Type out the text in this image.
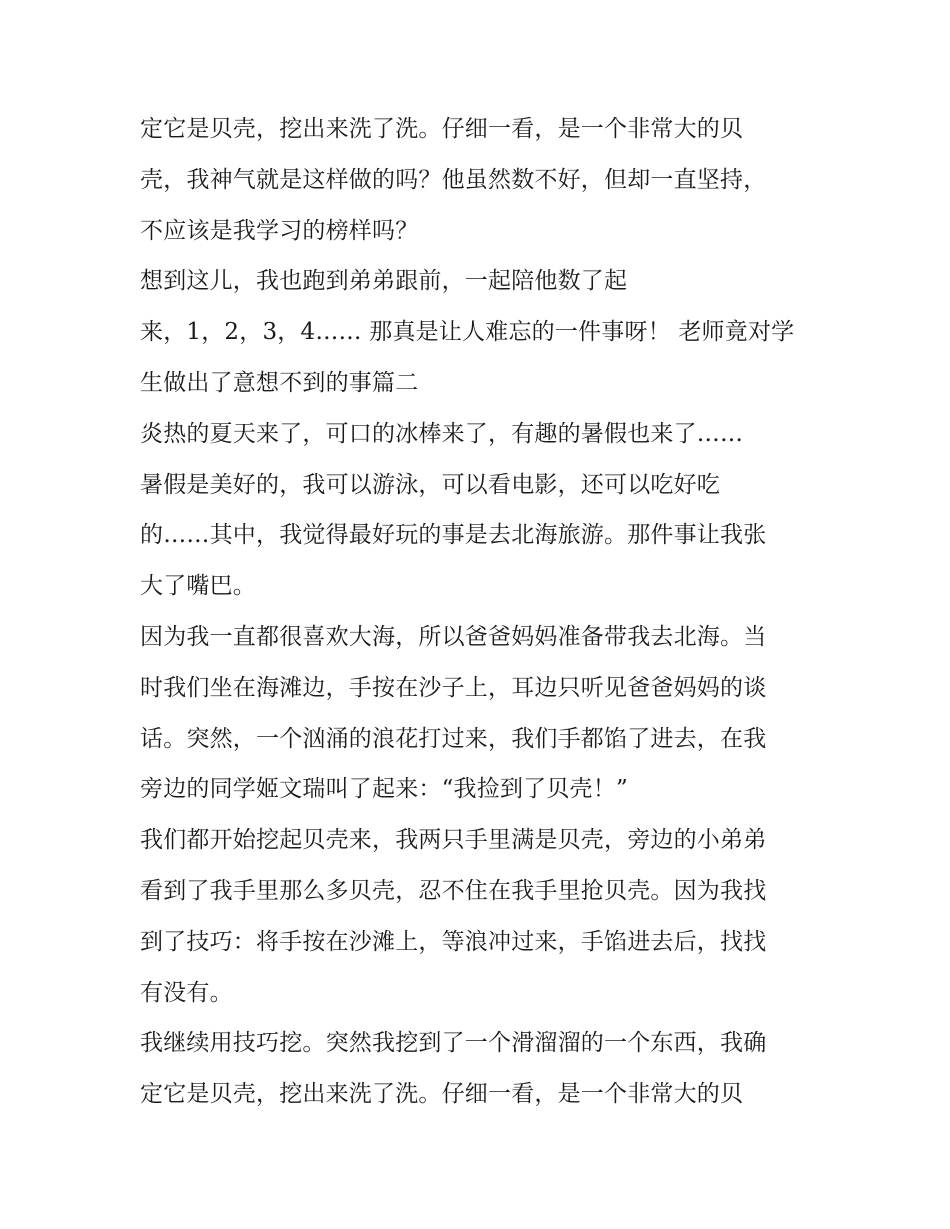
定它是贝壳，挖出来洗了洗。仔细一看，是一个非常大的贝
壳，我神气就是这样做的吗？他虽然数不好，但却一直坚持，
不应该是我学习的榜样吗？
想到这儿，我也跑到弟弟跟前，一起陪他数了起
来，1，2，3，4…… 那真是让人难忘的一件事呀！ 老师竟对学
生做出了意想不到的事篇二
炎热的夏天来了，可口的冰棒来了，有趣的暑假也来了……
暑假是美好的，我可以游泳，可以看电影，还可以吃好吃
的……其中，我觉得最好玩的事是去北海旅游。那件事让我张
大了嘴巴。
因为我一直都很喜欢大海，所以爸爸妈妈准备带我去北海。当
时我们坐在海滩边，手按在沙子上，耳边只听见爸爸妈妈的谈
话。突然，一个汹涌的浪花打过来，我们手都馅了进去，在我
旁边的同学姬文瑞叫了起来：“我捡到了贝壳！”
我们都开始挖起贝壳来，我两只手里满是贝壳，旁边的小弟弟
看到了我手里那么多贝壳，忍不住在我手里抢贝壳。因为我找
到了技巧：将手按在沙滩上，等浪冲过来，手馅进去后，找找
有没有。
我继续用技巧挖。突然我挖到了一个滑溜溜的一个东西，我确
定它是贝壳，挖出来洗了洗。仔细一看，是一个非常大的贝
